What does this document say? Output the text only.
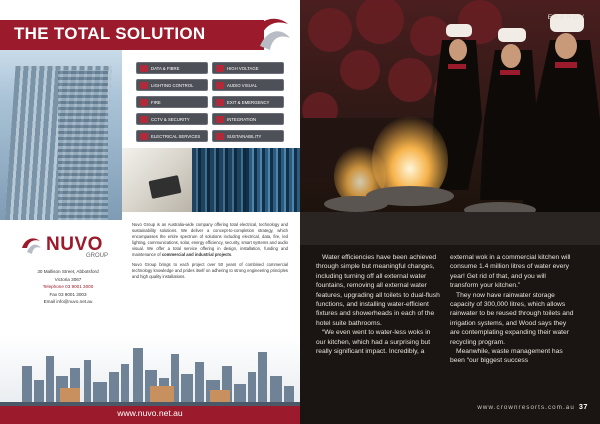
THE TOTAL SOLUTION
DATA & FIBRE	HIGH VOLTAGE
LIGHTING CONTROL	AUDIO VISUAL
FIRE	EXIT & EMERGENCY
CCTV & SECURITY	INTEGRATION
ELECTRICAL SERVICES	SUSTAINABILITY

Nuvo Group is an Australia-wide company offering total electrical, technology and sustainability solutions. We deliver a concept-to-completion strategy, which encompasses the entire spectrum of solutions including electrical, data, fire, led lighting, communications, solar, energy efficiency, security, smart systems and audio visual. We offer a total service offering in design, installation, funding and maintenance of commercial and industrial projects.

Nuvo Group brings to each project over 50 years of combined commercial technology knowledge and prides itself on adhering to strong engineering principles and high quality installations.

NUVO
GROUP
30 Mallison Street, Abbotsford
Victoria 3067
Telephone 03 9001 3000
Fax 03 9001 3003
Email info@nuvo.net.au
www.nuvo.net.au
ENERGY

Water efficiencies have been achieved through simple but meaningful changes, including turning off all external water fountains, removing all external water features, upgrading all toilets to dual-flush functions, and installing water-efficient fixtures and showerheads in each of the hotel suite bathrooms.

“We even went to water-less woks in our kitchen, which had a surprising but really significant impact. Incredibly, a

external wok in a commercial kitchen will consume 1.4 million litres of water every year! Get rid of that, and you will transform your kitchen.”

They now have rainwater storage capacity of 300,000 litres, which allows rainwater to be reused through toilets and irrigation systems, and Wood says they are contemplating expanding their water recycling program.

Meanwhile, waste management has been “our biggest success

www.crownresorts.com.au 37
